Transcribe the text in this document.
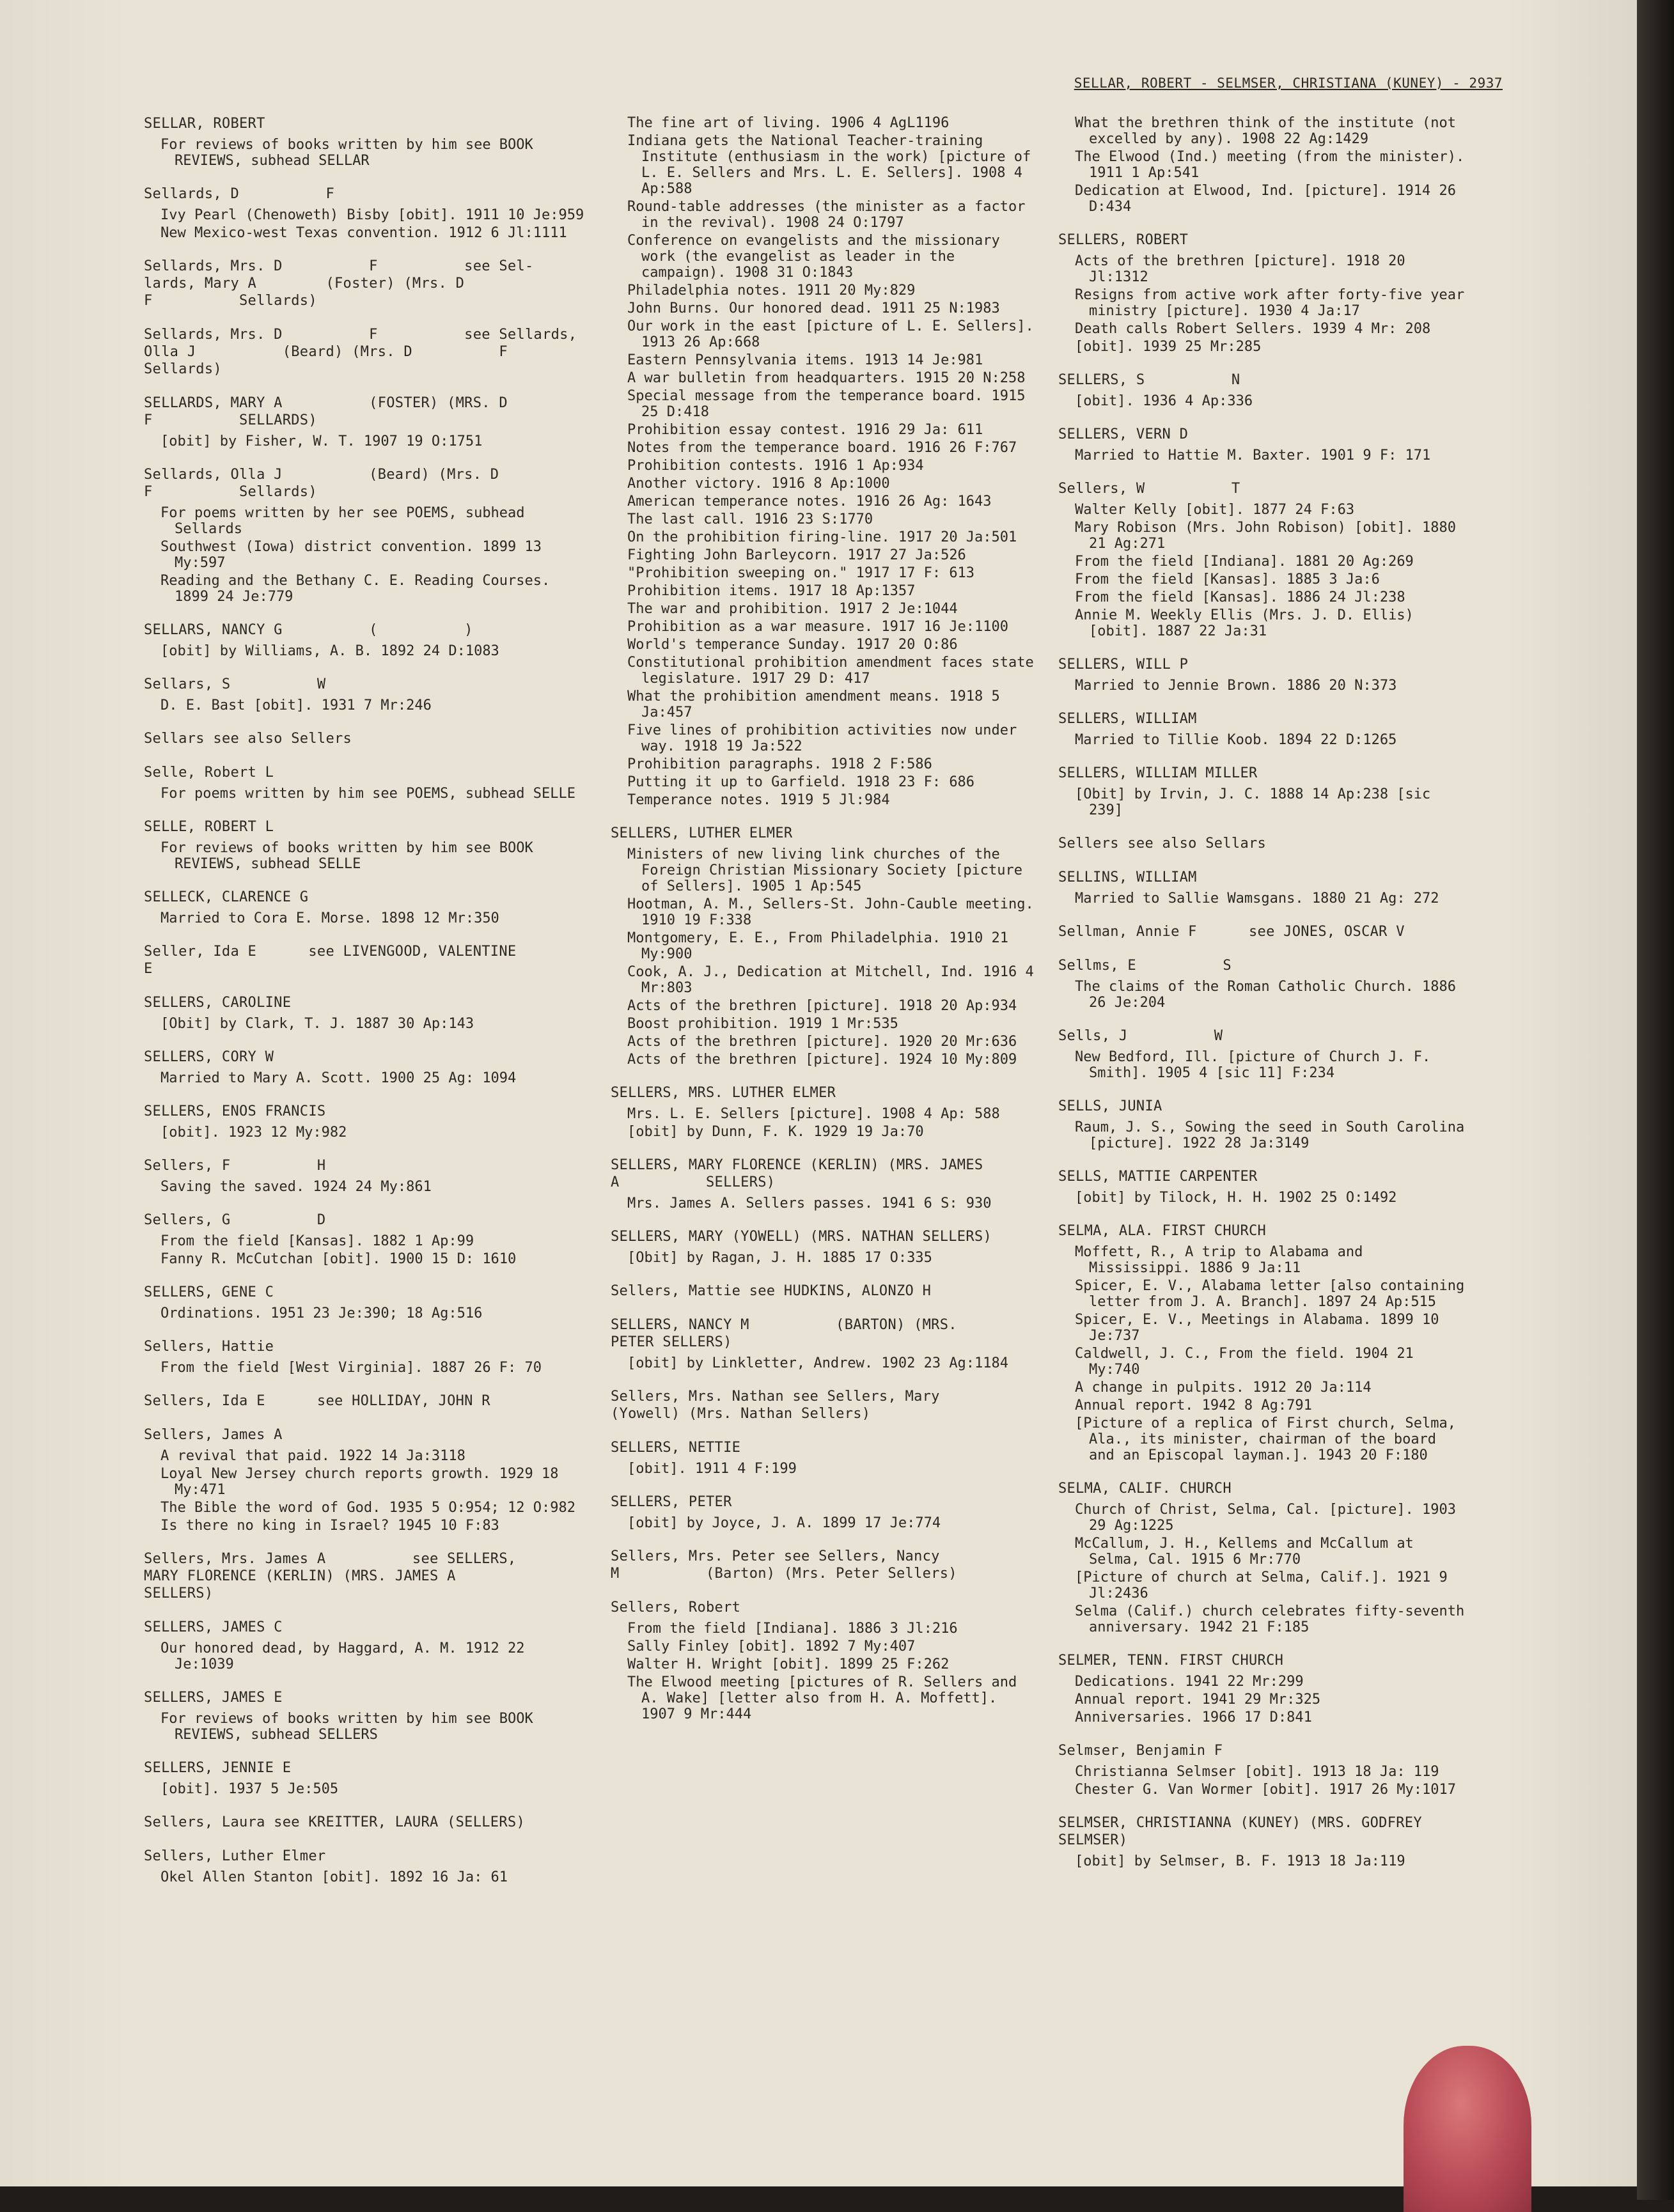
SELLAR, ROBERT - SELMSER, CHRISTIANA (KUNEY) - 2937
SELLAR, ROBERT
For reviews of books written by him see BOOK REVIEWS, subhead SELLAR
Sellards, D          F
Ivy Pearl (Chenoweth) Bisby [obit]. 1911 10 Je:959
New Mexico-west Texas convention. 1912 6 Jl:1111
Sellards, Mrs. D          F          see Sel-
lards, Mary A        (Foster) (Mrs. D
F          Sellards)
Sellards, Mrs. D          F          see Sellards,
Olla J          (Beard) (Mrs. D          F
Sellards)
SELLARDS, MARY A          (FOSTER) (MRS. D
F          SELLARDS)
[obit] by Fisher, W. T. 1907 19 O:1751
Sellards, Olla J          (Beard) (Mrs. D
F          Sellards)
For poems written by her see POEMS, subhead Sellards
Southwest (Iowa) district convention. 1899 13 My:597
Reading and the Bethany C. E. Reading Courses. 1899 24 Je:779
SELLARS, NANCY G          (          )
[obit] by Williams, A. B. 1892 24 D:1083
Sellars, S          W
D. E. Bast [obit]. 1931 7 Mr:246
Sellars see also Sellers
Selle, Robert L
For poems written by him see POEMS, subhead SELLE
SELLE, ROBERT L
For reviews of books written by him see BOOK REVIEWS, subhead SELLE
SELLECK, CLARENCE G
Married to Cora E. Morse. 1898 12 Mr:350
Seller, Ida E      see LIVENGOOD, VALENTINE
E
SELLERS, CAROLINE
[Obit] by Clark, T. J. 1887 30 Ap:143
SELLERS, CORY W
Married to Mary A. Scott. 1900 25 Ag: 1094
SELLERS, ENOS FRANCIS
[obit]. 1923 12 My:982
Sellers, F          H
Saving the saved. 1924 24 My:861
Sellers, G          D
From the field [Kansas]. 1882 1 Ap:99
Fanny R. McCutchan [obit]. 1900 15 D: 1610
SELLERS, GENE C
Ordinations. 1951 23 Je:390; 18 Ag:516
Sellers, Hattie
From the field [West Virginia]. 1887 26 F: 70
Sellers, Ida E      see HOLLIDAY, JOHN R
Sellers, James A
A revival that paid. 1922 14 Ja:3118
Loyal New Jersey church reports growth. 1929 18 My:471
The Bible the word of God. 1935 5 O:954; 12 O:982
Is there no king in Israel? 1945 10 F:83
Sellers, Mrs. James A          see SELLERS,
MARY FLORENCE (KERLIN) (MRS. JAMES A
SELLERS)
SELLERS, JAMES C
Our honored dead, by Haggard, A. M. 1912 22 Je:1039
SELLERS, JAMES E
For reviews of books written by him see BOOK REVIEWS, subhead SELLERS
SELLERS, JENNIE E
[obit]. 1937 5 Je:505
Sellers, Laura see KREITTER, LAURA (SELLERS)
Sellers, Luther Elmer
Okel Allen Stanton [obit]. 1892 16 Ja: 61
The fine art of living. 1906 4 AgL1196
Indiana gets the National Teacher-training Institute (enthusiasm in the work) [picture of L. E. Sellers and Mrs. L. E. Sellers]. 1908 4 Ap:588
Round-table addresses (the minister as a factor in the revival). 1908 24 O:1797
Conference on evangelists and the missionary work (the evangelist as leader in the campaign). 1908 31 O:1843
Philadelphia notes. 1911 20 My:829
John Burns. Our honored dead. 1911 25 N:1983
Our work in the east [picture of L. E. Sellers]. 1913 26 Ap:668
Eastern Pennsylvania items. 1913 14 Je:981
A war bulletin from headquarters. 1915 20 N:258
Special message from the temperance board. 1915 25 D:418
Prohibition essay contest. 1916 29 Ja: 611
Notes from the temperance board. 1916 26 F:767
Prohibition contests. 1916 1 Ap:934
Another victory. 1916 8 Ap:1000
American temperance notes. 1916 26 Ag: 1643
The last call. 1916 23 S:1770
On the prohibition firing-line. 1917 20 Ja:501
Fighting John Barleycorn. 1917 27 Ja:526
"Prohibition sweeping on." 1917 17 F: 613
Prohibition items. 1917 18 Ap:1357
The war and prohibition. 1917 2 Je:1044
Prohibition as a war measure. 1917 16 Je:1100
World's temperance Sunday. 1917 20 O:86
Constitutional prohibition amendment faces state legislature. 1917 29 D: 417
What the prohibition amendment means. 1918 5 Ja:457
Five lines of prohibition activities now under way. 1918 19 Ja:522
Prohibition paragraphs. 1918 2 F:586
Putting it up to Garfield. 1918 23 F: 686
Temperance notes. 1919 5 Jl:984
SELLERS, LUTHER ELMER
Ministers of new living link churches of the Foreign Christian Missionary Society [picture of Sellers]. 1905 1 Ap:545
Hootman, A. M., Sellers-St. John-Cauble meeting. 1910 19 F:338
Montgomery, E. E., From Philadelphia. 1910 21 My:900
Cook, A. J., Dedication at Mitchell, Ind. 1916 4 Mr:803
Acts of the brethren [picture]. 1918 20 Ap:934
Boost prohibition. 1919 1 Mr:535
Acts of the brethren [picture]. 1920 20 Mr:636
Acts of the brethren [picture]. 1924 10 My:809
SELLERS, MRS. LUTHER ELMER
Mrs. L. E. Sellers [picture]. 1908 4 Ap: 588
[obit] by Dunn, F. K. 1929 19 Ja:70
SELLERS, MARY FLORENCE (KERLIN) (MRS. JAMES
A          SELLERS)
Mrs. James A. Sellers passes. 1941 6 S: 930
SELLERS, MARY (YOWELL) (MRS. NATHAN SELLERS)
[Obit] by Ragan, J. H. 1885 17 O:335
Sellers, Mattie see HUDKINS, ALONZO H
SELLERS, NANCY M          (BARTON) (MRS.
PETER SELLERS)
[obit] by Linkletter, Andrew. 1902 23 Ag:1184
Sellers, Mrs. Nathan see Sellers, Mary
(Yowell) (Mrs. Nathan Sellers)
SELLERS, NETTIE
[obit]. 1911 4 F:199
SELLERS, PETER
[obit] by Joyce, J. A. 1899 17 Je:774
Sellers, Mrs. Peter see Sellers, Nancy
M          (Barton) (Mrs. Peter Sellers)
Sellers, Robert
From the field [Indiana]. 1886 3 Jl:216
Sally Finley [obit]. 1892 7 My:407
Walter H. Wright [obit]. 1899 25 F:262
The Elwood meeting [pictures of R. Sellers and A. Wake] [letter also from H. A. Moffett]. 1907 9 Mr:444
What the brethren think of the institute (not excelled by any). 1908 22 Ag:1429
The Elwood (Ind.) meeting (from the minister). 1911 1 Ap:541
Dedication at Elwood, Ind. [picture]. 1914 26 D:434
SELLERS, ROBERT
Acts of the brethren [picture]. 1918 20 Jl:1312
Resigns from active work after forty-five year ministry [picture]. 1930 4 Ja:17
Death calls Robert Sellers. 1939 4 Mr: 208
[obit]. 1939 25 Mr:285
SELLERS, S          N
[obit]. 1936 4 Ap:336
SELLERS, VERN D
Married to Hattie M. Baxter. 1901 9 F: 171
Sellers, W          T
Walter Kelly [obit]. 1877 24 F:63
Mary Robison (Mrs. John Robison) [obit]. 1880 21 Ag:271
From the field [Indiana]. 1881 20 Ag:269
From the field [Kansas]. 1885 3 Ja:6
From the field [Kansas]. 1886 24 Jl:238
Annie M. Weekly Ellis (Mrs. J. D. Ellis) [obit]. 1887 22 Ja:31
SELLERS, WILL P
Married to Jennie Brown. 1886 20 N:373
SELLERS, WILLIAM
Married to Tillie Koob. 1894 22 D:1265
SELLERS, WILLIAM MILLER
[Obit] by Irvin, J. C. 1888 14 Ap:238 [sic 239]
Sellers see also Sellars
SELLINS, WILLIAM
Married to Sallie Wamsgans. 1880 21 Ag: 272
Sellman, Annie F      see JONES, OSCAR V
Sellms, E          S
The claims of the Roman Catholic Church. 1886 26 Je:204
Sells, J          W
New Bedford, Ill. [picture of Church J. F. Smith]. 1905 4 [sic 11] F:234
SELLS, JUNIA
Raum, J. S., Sowing the seed in South Carolina [picture]. 1922 28 Ja:3149
SELLS, MATTIE CARPENTER
[obit] by Tilock, H. H. 1902 25 O:1492
SELMA, ALA. FIRST CHURCH
Moffett, R., A trip to Alabama and Mississippi. 1886 9 Ja:11
Spicer, E. V., Alabama letter [also containing letter from J. A. Branch]. 1897 24 Ap:515
Spicer, E. V., Meetings in Alabama. 1899 10 Je:737
Caldwell, J. C., From the field. 1904 21 My:740
A change in pulpits. 1912 20 Ja:114
Annual report. 1942 8 Ag:791
[Picture of a replica of First church, Selma, Ala., its minister, chairman of the board and an Episcopal layman.]. 1943 20 F:180
SELMA, CALIF. CHURCH
Church of Christ, Selma, Cal. [picture]. 1903 29 Ag:1225
McCallum, J. H., Kellems and McCallum at Selma, Cal. 1915 6 Mr:770
[Picture of church at Selma, Calif.]. 1921 9 Jl:2436
Selma (Calif.) church celebrates fifty-seventh anniversary. 1942 21 F:185
SELMER, TENN. FIRST CHURCH
Dedications. 1941 22 Mr:299
Annual report. 1941 29 Mr:325
Anniversaries. 1966 17 D:841
Selmser, Benjamin F
Christianna Selmser [obit]. 1913 18 Ja: 119
Chester G. Van Wormer [obit]. 1917 26 My:1017
SELMSER, CHRISTIANNA (KUNEY) (MRS. GODFREY
SELMSER)
[obit] by Selmser, B. F. 1913 18 Ja:119
